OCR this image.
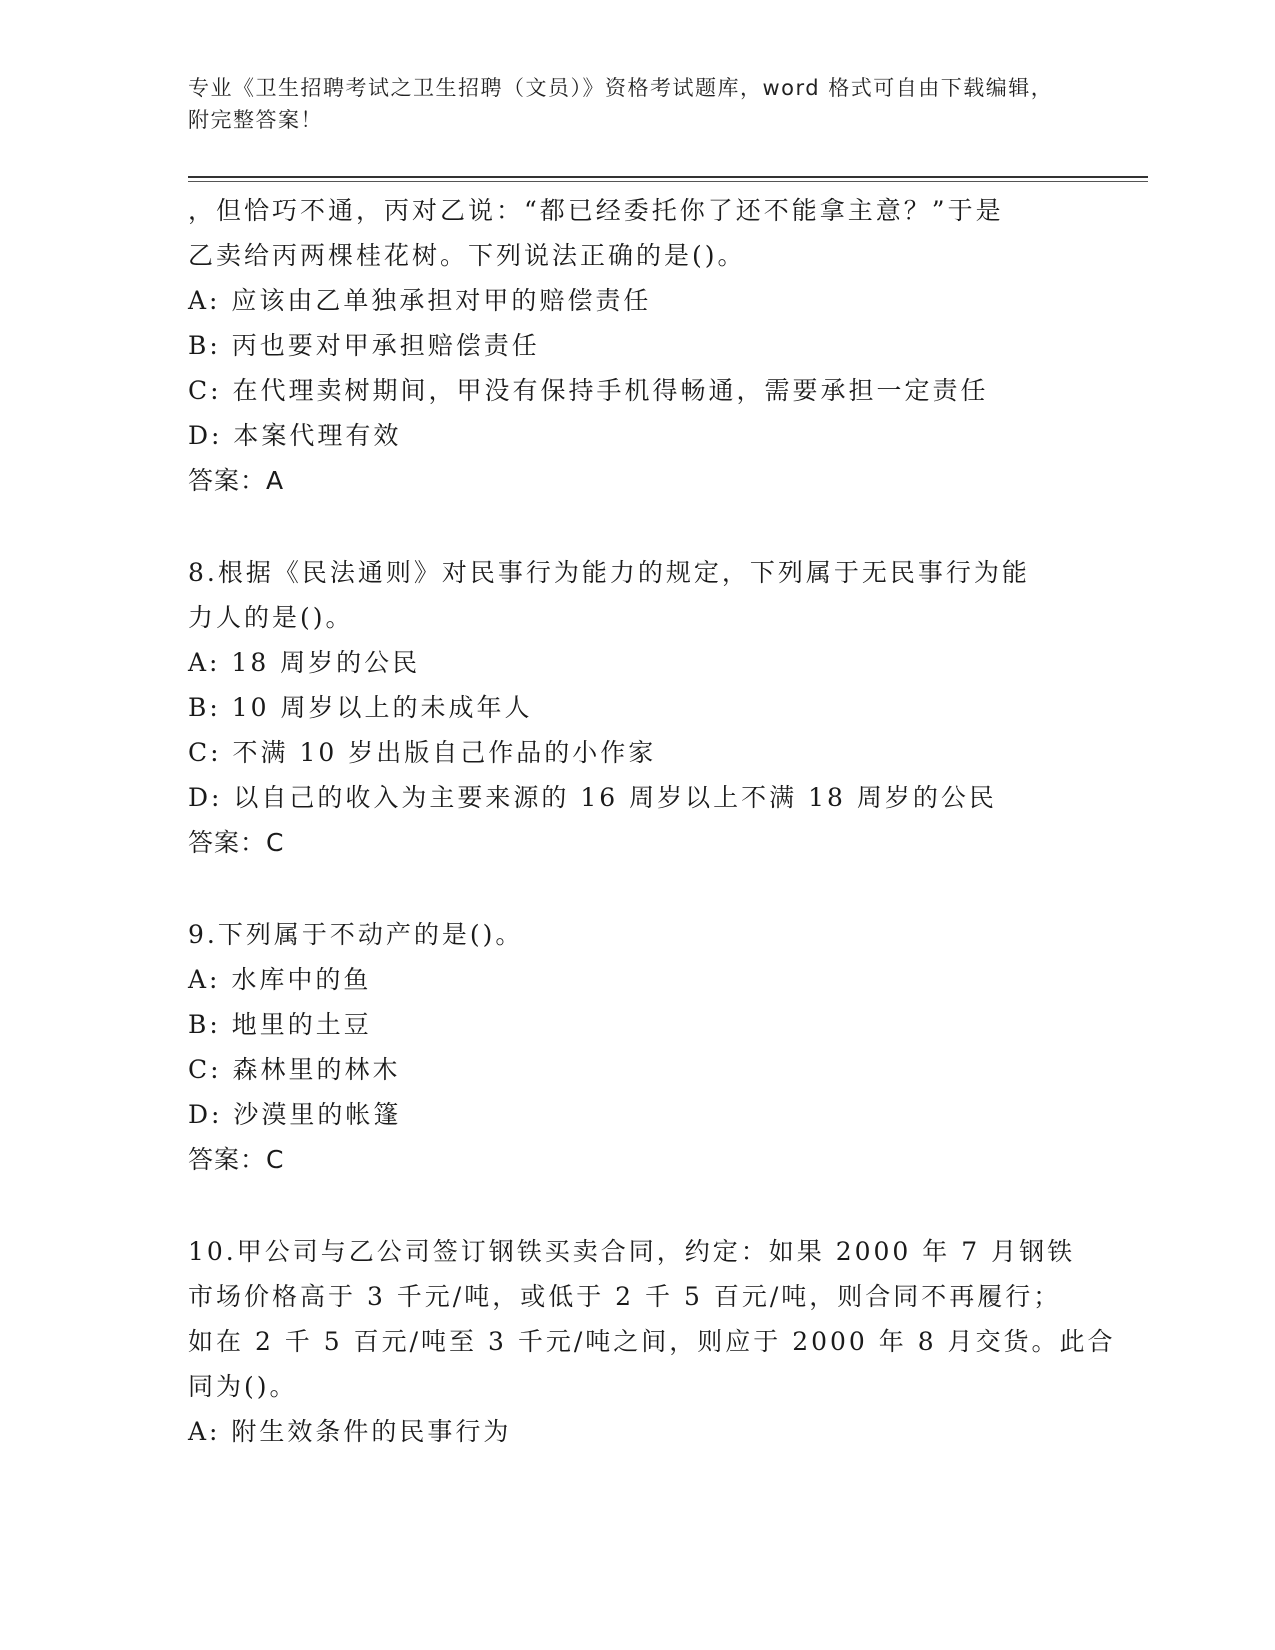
专业《卫生招聘考试之卫生招聘（文员）》资格考试题库，word 格式可自由下载编辑，附完整答案！
，但恰巧不通，丙对乙说：“都已经委托你了还不能拿主意？”于是
乙卖给丙两棵桂花树。下列说法正确的是()。
A: 应该由乙单独承担对甲的赔偿责任
B: 丙也要对甲承担赔偿责任
C: 在代理卖树期间，甲没有保持手机得畅通，需要承担一定责任
D: 本案代理有效
答案：A
8.根据《民法通则》对民事行为能力的规定，下列属于无民事行为能
力人的是()。
A: 18 周岁的公民
B: 10 周岁以上的未成年人
C: 不满 10 岁出版自己作品的小作家
D: 以自己的收入为主要来源的 16 周岁以上不满 18 周岁的公民
答案：C
9.下列属于不动产的是()。
A: 水库中的鱼
B: 地里的土豆
C: 森林里的林木
D: 沙漠里的帐篷
答案：C
10.甲公司与乙公司签订钢铁买卖合同，约定：如果 2000 年 7 月钢铁
市场价格高于 3 千元/吨，或低于 2 千 5 百元/吨，则合同不再履行；
如在 2 千 5 百元/吨至 3 千元/吨之间，则应于 2000 年 8 月交货。此合
同为()。
A: 附生效条件的民事行为
